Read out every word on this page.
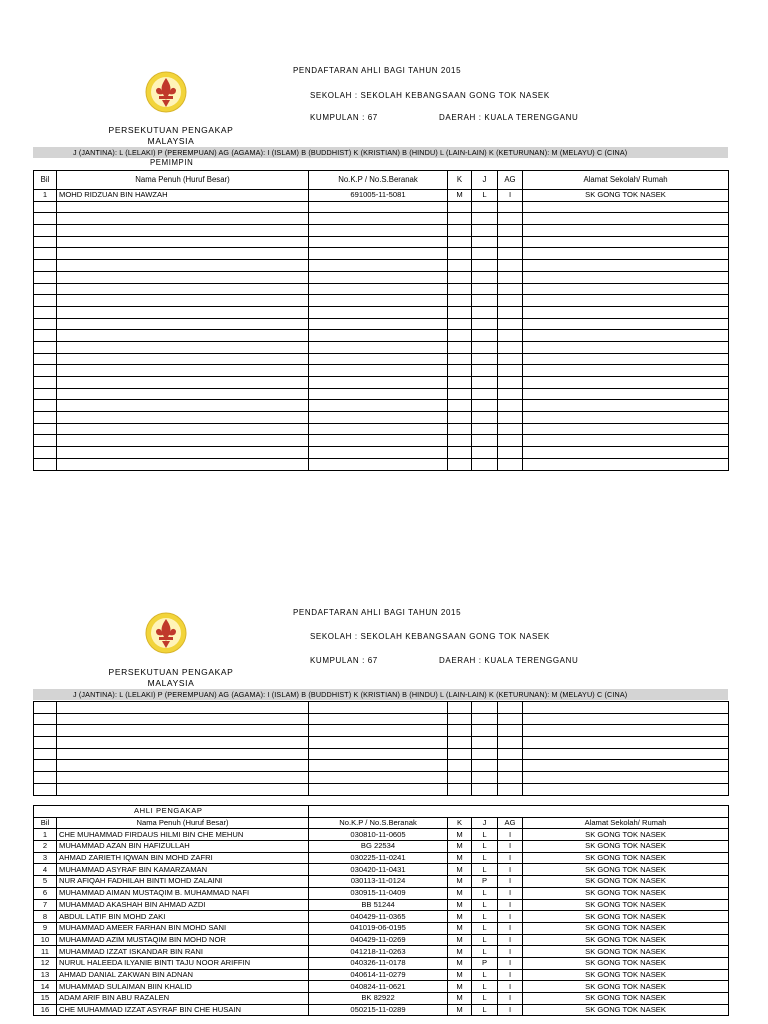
PENDAFTARAN AHLI BAGI TAHUN 2015
SEKOLAH : SEKOLAH KEBANGSAAN GONG TOK NASEK
KUMPULAN : 67	DAERAH : KUALA TERENGGANU
PERSEKUTUAN PENGAKAP
MALAYSIA
J (JANTINA): L (LELAKI) P (PEREMPUAN) AG (AGAMA): I (ISLAM) B (BUDDHIST) K (KRISTIAN) B (HINDU) L (LAIN-LAIN) K (KETURUNAN): M (MELAYU) C (CINA)
PEMIMPIN
Bil	Nama Penuh (Huruf Besar)	No.K.P / No.S.Beranak	K	J	AG	Alamat Sekolah/ Rumah
1	MOHD RIDZUAN BIN HAWZAH	691005-11-5081	M	L	I	SK GONG TOK NASEK

PENDAFTARAN AHLI BAGI TAHUN 2015
SEKOLAH : SEKOLAH KEBANGSAAN GONG TOK NASEK
KUMPULAN : 67	DAERAH : KUALA TERENGGANU
PERSEKUTUAN PENGAKAP
MALAYSIA
J (JANTINA): L (LELAKI) P (PEREMPUAN) AG (AGAMA): I (ISLAM) B (BUDDHIST) K (KRISTIAN) B (HINDU) L (LAIN-LAIN) K (KETURUNAN): M (MELAYU) C (CINA)

AHLI PENGAKAP						
Bil	Nama Penuh (Huruf Besar)	No.K.P / No.S.Beranak	K	J	AG	Alamat Sekolah/ Rumah
1	CHE MUHAMMAD FIRDAUS HILMI BIN CHE MEHUN	030810-11-0605	M	L	I	SK GONG TOK NASEK
2	MUHAMMAD AZAN BIN HAFIZULLAH	BG 22534	M	L	I	SK GONG TOK NASEK
3	AHMAD ZARIETH IQWAN BIN MOHD ZAFRI	030225-11-0241	M	L	I	SK GONG TOK NASEK
4	MUHAMMAD ASYRAF BIN KAMARZAMAN	030420-11-0431	M	L	I	SK GONG TOK NASEK
5	NUR AFIQAH FADHILAH BINTI MOHD ZALAINI	030113-11-0124	M	P	I	SK GONG TOK NASEK
6	MUHAMMAD AIMAN MUSTAQIM B. MUHAMMAD NAFI	030915-11-0409	M	L	I	SK GONG TOK NASEK
7	MUHAMMAD AKASHAH BIN AHMAD AZDI	BB 51244	M	L	I	SK GONG TOK NASEK
8	ABDUL LATIF BIN MOHD ZAKI	040429-11-0365	M	L	I	SK GONG TOK NASEK
9	MUHAMMAD AMEER FARHAN BIN MOHD SANI	041019-06-0195	M	L	I	SK GONG TOK NASEK
10	MUHAMMAD AZIM MUSTAQIM BIN MOHD NOR	040429-11-0269	M	L	I	SK GONG TOK NASEK
11	MUHAMMAD IZZAT ISKANDAR BIN RANI	041218-11-0263	M	L	I	SK GONG TOK NASEK
12	NURUL HALEEDA ILYANIE BINTI TAJU NOOR ARIFFIN	040326-11-0178	M	P	I	SK GONG TOK NASEK
13	AHMAD DANIAL ZAKWAN BIN ADNAN	040614-11-0279	M	L	I	SK GONG TOK NASEK
14	MUHAMMAD SULAIMAN BIIN KHALID	040824-11-0621	M	L	I	SK GONG TOK NASEK
15	ADAM ARIF BIN ABU RAZALEN	BK 82922	M	L	I	SK GONG TOK NASEK
16	CHE MUHAMMAD IZZAT ASYRAF BIN CHE HUSAIN	050215-11-0289	M	L	I	SK GONG TOK NASEK
